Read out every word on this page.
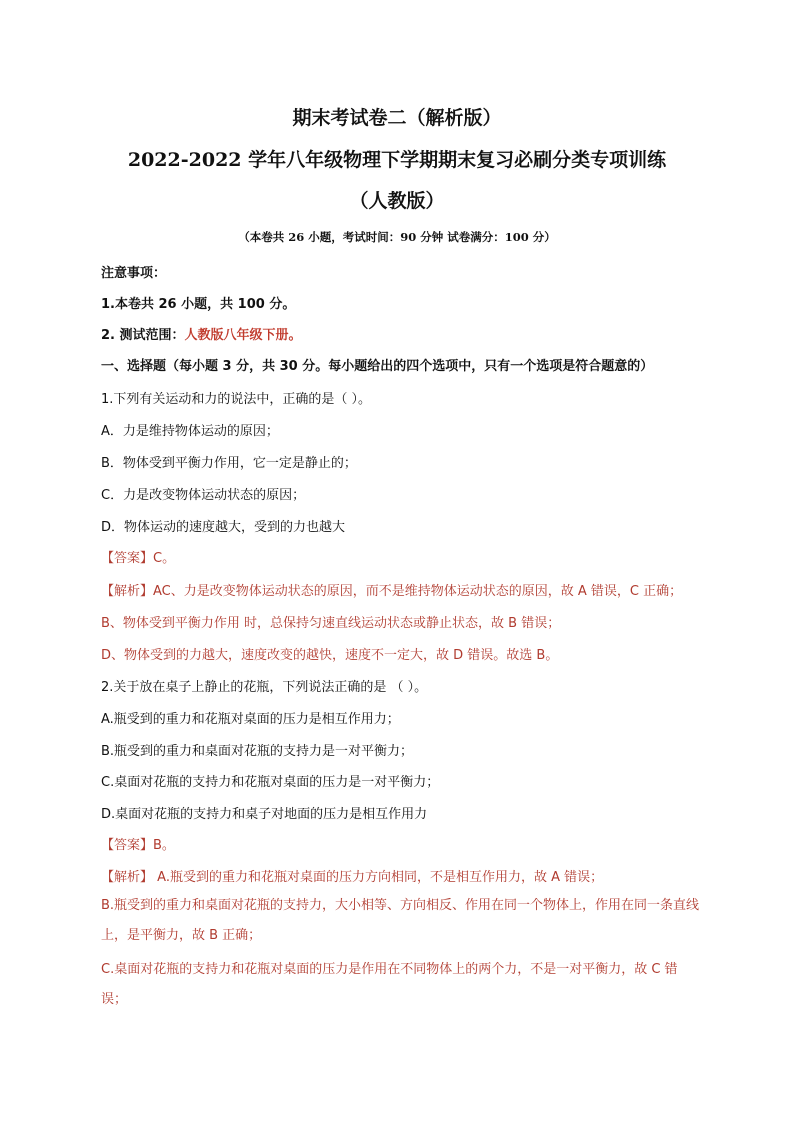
期末考试卷二（解析版）
2022-2022 学年八年级物理下学期期末复习必刷分类专项训练
（人教版）
（本卷共 26 小题，考试时间：90 分钟 试卷满分：100 分）
注意事项：
1.本卷共 26 小题，共 100 分。
2. 测试范围：人教版八年级下册。
一、选择题（每小题 3 分，共 30 分。每小题给出的四个选项中，只有一个选项是符合题意的）
1.下列有关运动和力的说法中，正确的是（ ）。
A．力是维持物体运动的原因；
B．物体受到平衡力作用，它一定是静止的；
C．力是改变物体运动状态的原因；
D．物体运动的速度越大，受到的力也越大
【答案】C。
【解析】AC、力是改变物体运动状态的原因，而不是维持物体运动状态的原因，故 A 错误，C 正确；
B、物体受到平衡力作用 时，总保持匀速直线运动状态或静止状态，故 B 错误；
D、物体受到的力越大，速度改变的越快，速度不一定大，故 D 错误。故选 B。
2.关于放在桌子上静止的花瓶，下列说法正确的是 （ ）。
A.瓶受到的重力和花瓶对桌面的压力是相互作用力；
B.瓶受到的重力和桌面对花瓶的支持力是一对平衡力；
C.桌面对花瓶的支持力和花瓶对桌面的压力是一对平衡力；
D.桌面对花瓶的支持力和桌子对地面的压力是相互作用力
【答案】B。
【解析】 A.瓶受到的重力和花瓶对桌面的压力方向相同，不是相互作用力，故 A 错误；
B.瓶受到的重力和桌面对花瓶的支持力，大小相等、方向相反、作用在同一个物体上，作用在同一条直线上，是平衡力，故 B 正确；
C.桌面对花瓶的支持力和花瓶对桌面的压力是作用在不同物体上的两个力，不是一对平衡力，故 C 错误；
